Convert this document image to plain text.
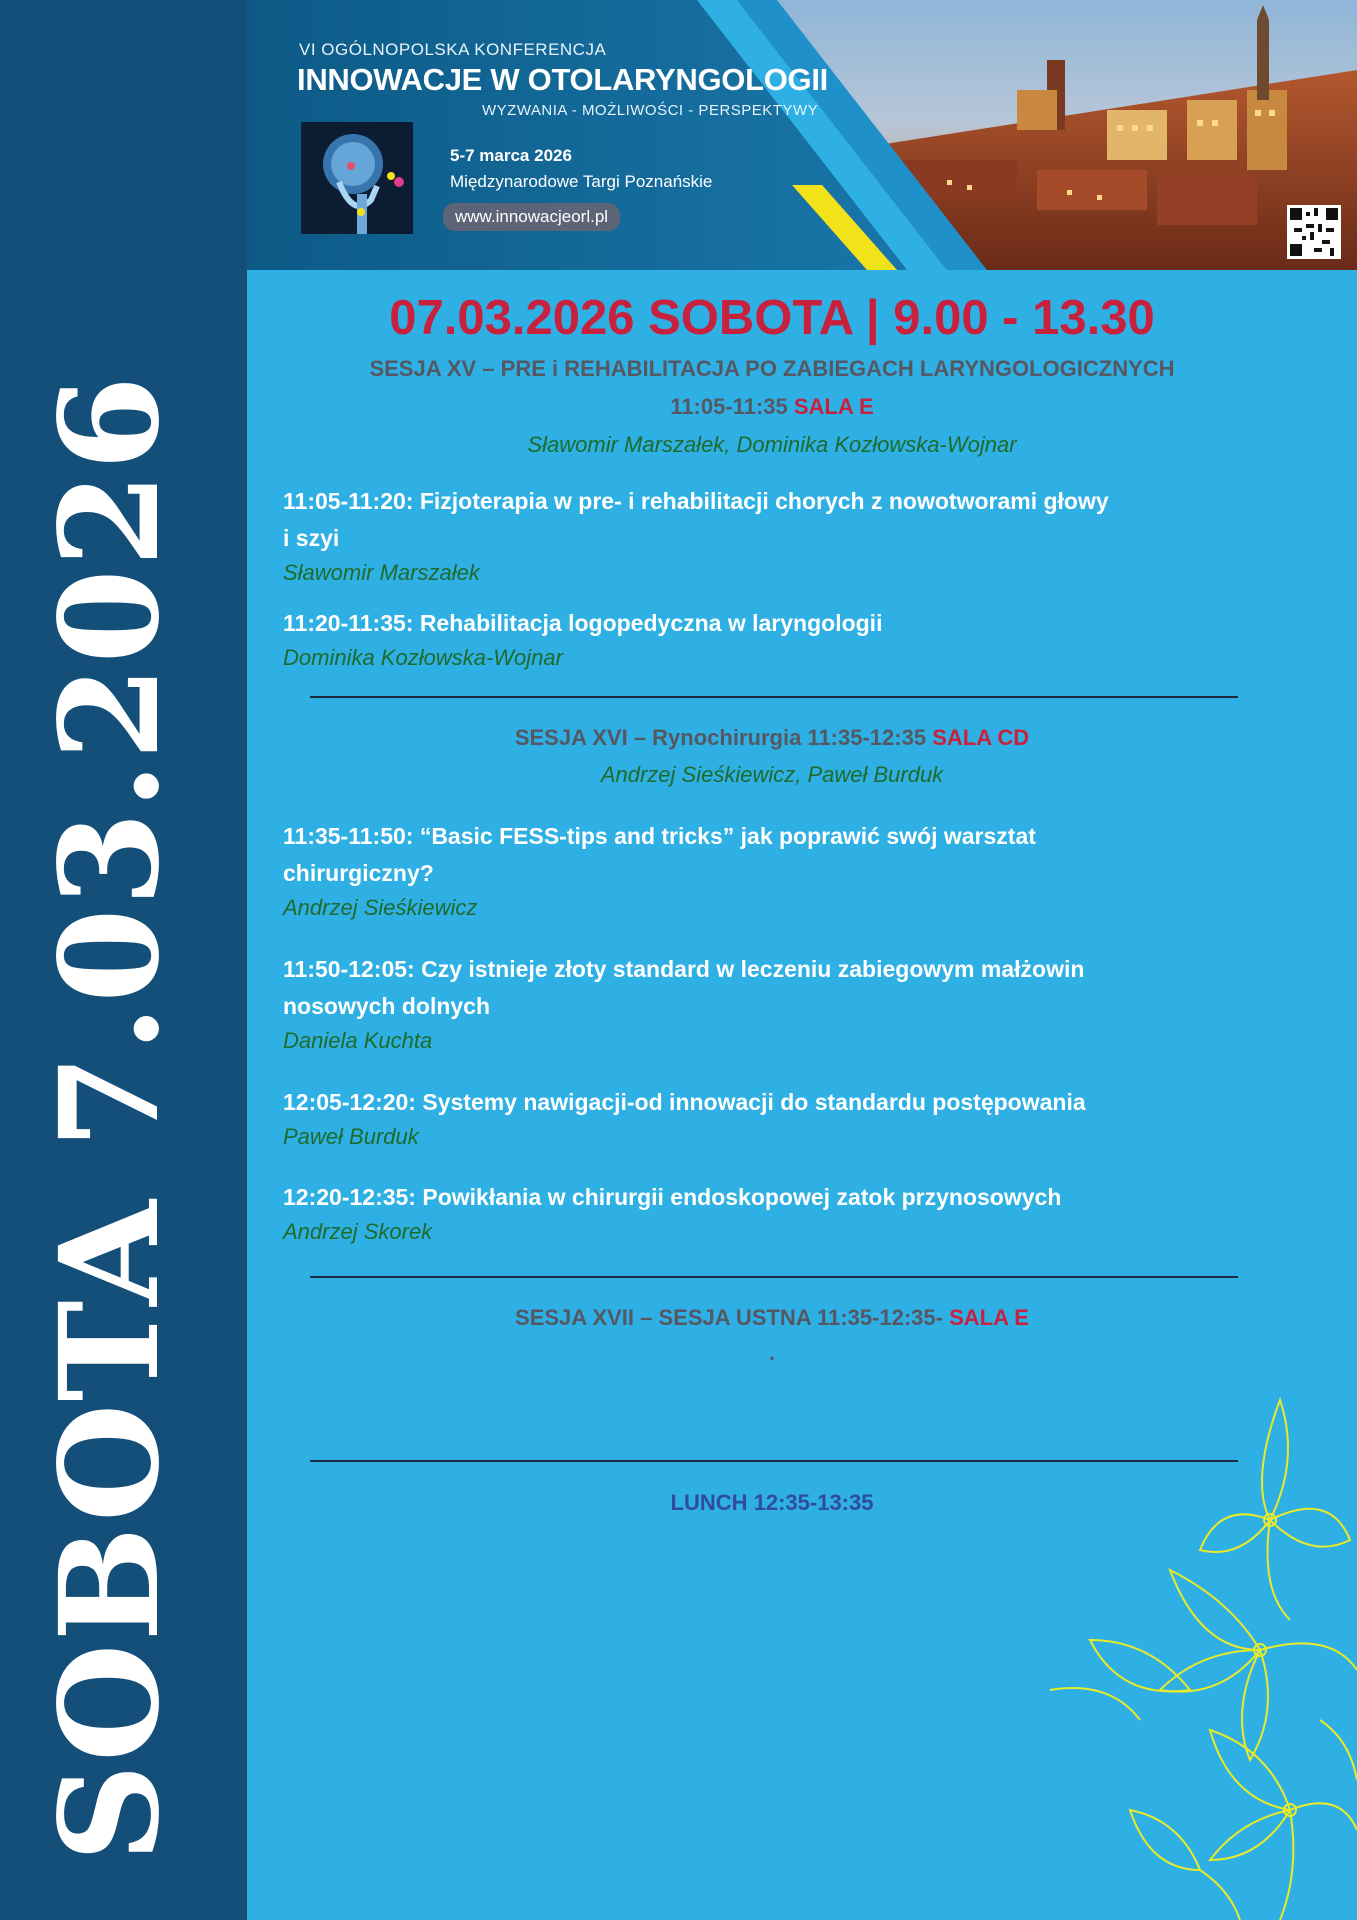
SOBOTA 7.03.2026
VI OGÓLNOPOLSKA KONFERENCJA
INNOWACJE W OTOLARYNGOLOGII
WYZWANIA - MOŻLIWOŚCI - PERSPEKTYWY
5-7 marca 2026
Międzynarodowe Targi Poznańskie
www.innowacjeorl.pl
07.03.2026 SOBOTA | 9.00 - 13.30
SESJA XV – PRE i REHABILITACJA PO ZABIEGACH LARYNGOLOGICZNYCH
11:05-11:35 SALA E
Sławomir Marszałek, Dominika Kozłowska-Wojnar
11:05-11:20: Fizjoterapia w pre- i rehabilitacji chorych z nowotworami głowy
i szyi
Sławomir Marszałek
11:20-11:35: Rehabilitacja logopedyczna w laryngologii
Dominika Kozłowska-Wojnar
SESJA XVI – Rynochirurgia 11:35-12:35 SALA CD
Andrzej Sieśkiewicz, Paweł Burduk
11:35-11:50: “Basic FESS-tips and tricks” jak poprawić swój warsztat
chirurgiczny?
Andrzej Sieśkiewicz
11:50-12:05: Czy istnieje złoty standard w leczeniu zabiegowym małżowin
nosowych dolnych
Daniela Kuchta
12:05-12:20: Systemy nawigacji-od innowacji do standardu postępowania
Paweł Burduk
12:20-12:35: Powikłania w chirurgii endoskopowej zatok przynosowych
Andrzej Skorek
SESJA XVII – SESJA USTNA 11:35-12:35- SALA E
.
LUNCH 12:35-13:35
